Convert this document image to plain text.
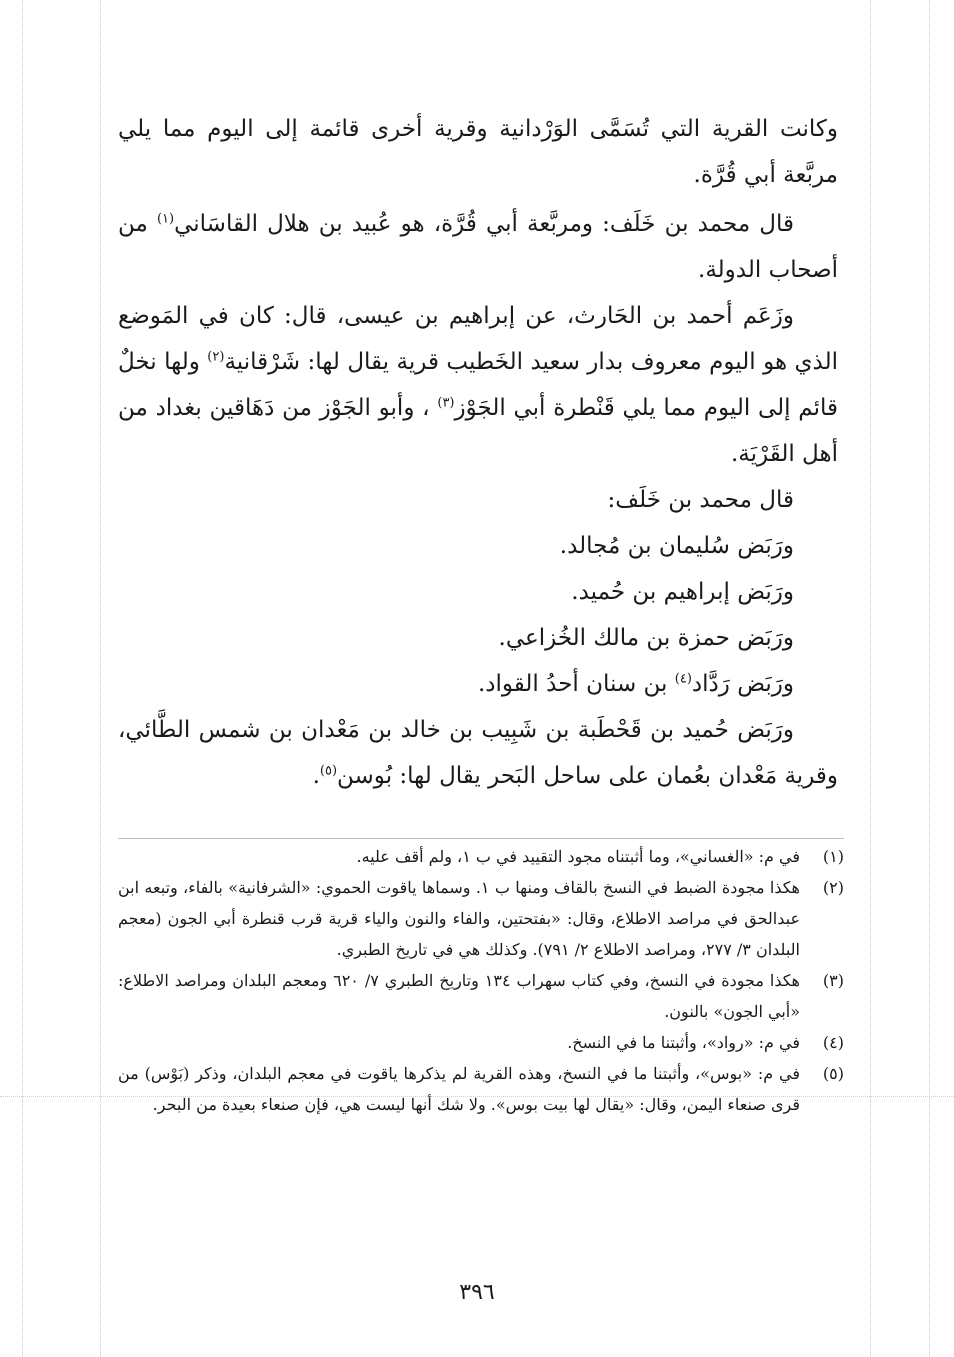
وكانت القرية التي تُسَمَّى الوَرْدانية وقرية أخرى قائمة إلى اليوم مما يلي مربَّعة أبي قُرَّة.

قال محمد بن خَلَف: ومربَّعة أبي قُرَّة، هو عُبيد بن هلال القاسَاني$^{(١)}$ من أصحاب الدولة.

وزَعَم أحمد بن الحَارث، عن إبراهيم بن عيسى، قال: كان في المَوضع الذي هو اليوم معروف بدار سعيد الخَطيب قرية يقال لها: شَرْقانية$^{(٢)}$ ولها نخلٌ قائم إلى اليوم مما يلي قَنْطرة أبي الجَوْز$^{(٣)}$ ، وأبو الجَوْز من دَهَاقين بغداد من أهل القَرْيَة.

قال محمد بن خَلَف:

ورَبَض سُليمان بن مُجالد.

ورَبَض إبراهيم بن حُميد.

ورَبَض حمزة بن مالك الخُزاعي.

ورَبَض رَدَّاد$^{(٤)}$ بن سنان أحدُ القواد.

ورَبَض حُميد بن قَحْطَبة بن شَبِيب بن خالد بن مَعْدان بن شمس الطَّائي، وقرية مَعْدان بعُمان على ساحل البَحر يقال لها: بُوسن$^{(٥)}$.

(١)
في م: «الغساني»، وما أثبتناه مجود التقييد في ب ١، ولم أقف عليه.
(٢)
هكذا مجودة الضبط في النسخ بالقاف ومنها ب ١. وسماها ياقوت الحموي: «الشرفانية» بالفاء، وتبعه ابن عبدالحق في مراصد الاطلاع، وقال: «بفتحتين، والفاء والنون والياء قرية قرب قنطرة أبي الجون (معجم البلدان ٣/ ٢٧٧، ومراصد الاطلاع ٢/ ٧٩١). وكذلك هي في تاريخ الطبري.
(٣)
هكذا مجودة في النسخ، وفي كتاب سهراب ١٣٤ وتاريخ الطبري ٧/ ٦٢٠ ومعجم البلدان ومراصد الاطلاع: «أبي الجون» بالنون.
(٤)
في م: «رواد»، وأثبتنا ما في النسخ.
(٥)
في م: «بوس»، وأثبتنا ما في النسخ، وهذه القرية لم يذكرها ياقوت في معجم البلدان، وذكر (بَوْس) من قرى صنعاء اليمن، وقال: «يقال لها بيت بوس». ولا شك أنها ليست هي، فإن صنعاء بعيدة من البحر.
٣٩٦
